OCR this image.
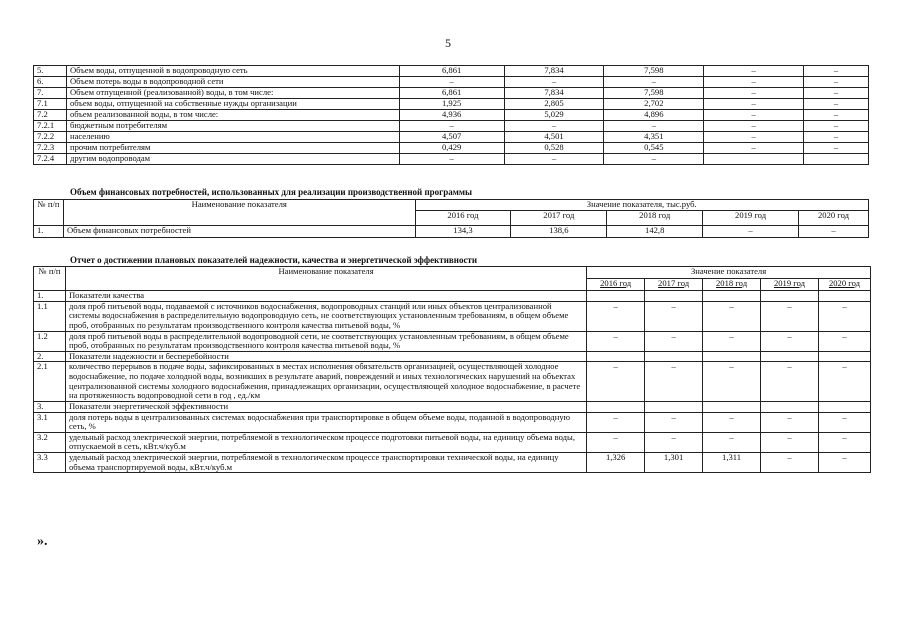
5
5.	Объем воды, отпущенной в водопроводную сеть	6,861	7,834	7,598	–	–
6.	Объем потерь воды в водопроводной сети	–	–	–	–	–
7.	Объем отпущенной (реализованной) воды, в том числе:	6,861	7,834	7,598	–	–
7.1	объем воды, отпущенной на собственные нужды организации	1,925	2,805	2,702	–	–
7.2	объем реализованной воды, в том числе:	4,936	5,029	4,896	–	–
7.2.1	бюджетным потребителям	–	–	–	–	–
7.2.2	населению	4,507	4,501	4,351	–	–
7.2.3	прочим потребителям	0,429	0,528	0,545	–	–
7.2.4	другим водопроводам	–	–	–		
Объем финансовых потребностей, использованных для реализации производственной программы
№ п/п	Наименование показателя	Значение показателя, тыс.руб.				
		2016 год	2017 год	2018 год	2019 год	2020 год
1.	Объем финансовых потребностей	134,3	138,6	142,8	–	–
Отчет о достижении плановых показателей надежности, качества и энергетической эффективности
№ п/п	Наименование показателя	Значение показателя				
		2016 год	2017 год	2018 год	2019 год	2020 год
1.	Показатели качества					
1.1	доля проб питьевой воды, подаваемой с источников водоснабжения, водопроводных станций или иных объектов централизованной системы водоснабжения в распределительную водопроводную сеть, не соответствующих установленным требованиям, в общем объеме проб, отобранных по результатам производственного контроля качества питьевой воды, %	–	–	–	–	–
1.2	доля проб питьевой воды в распределительной водопроводной сети, не соответствующих установленным требованиям, в общем объеме проб, отобранных по результатам производственного контроля качества питьевой воды, %	–	–	–	–	–
2.	Показатели надежности и бесперебойности					
2.1	количество перерывов в подаче воды, зафиксированных в местах исполнения обязательств организацией, осуществляющей холодное водоснабжение, по подаче холодной воды, возникших в результате аварий, повреждений и иных технологических нарушений на объектах централизованной системы холодного водоснабжения, принадлежащих организации, осуществляющей холодное водоснабжение, в расчете на протяженность водопроводной сети в год , ед./км	–	–	–	–	–
3.	Показатели энергетической эффективности					
3.1	доля потерь воды в централизованных системах водоснабжения при транспортировке в общем объеме воды, поданной в водопроводную сеть, %	–	–	–	–	–
3.2	удельный расход электрической энергии, потребляемой в технологическом процессе подготовки питьевой воды, на единицу объема воды, отпускаемой в сеть, кВт.ч/куб.м	–	–	–	–	–
3.3	удельный расход электрической энергии, потребляемой в технологическом процессе транспортировки технической воды, на единицу объема транспортируемой воды, кВт.ч/куб.м	1,326	1,301	1,311	–	–
».
